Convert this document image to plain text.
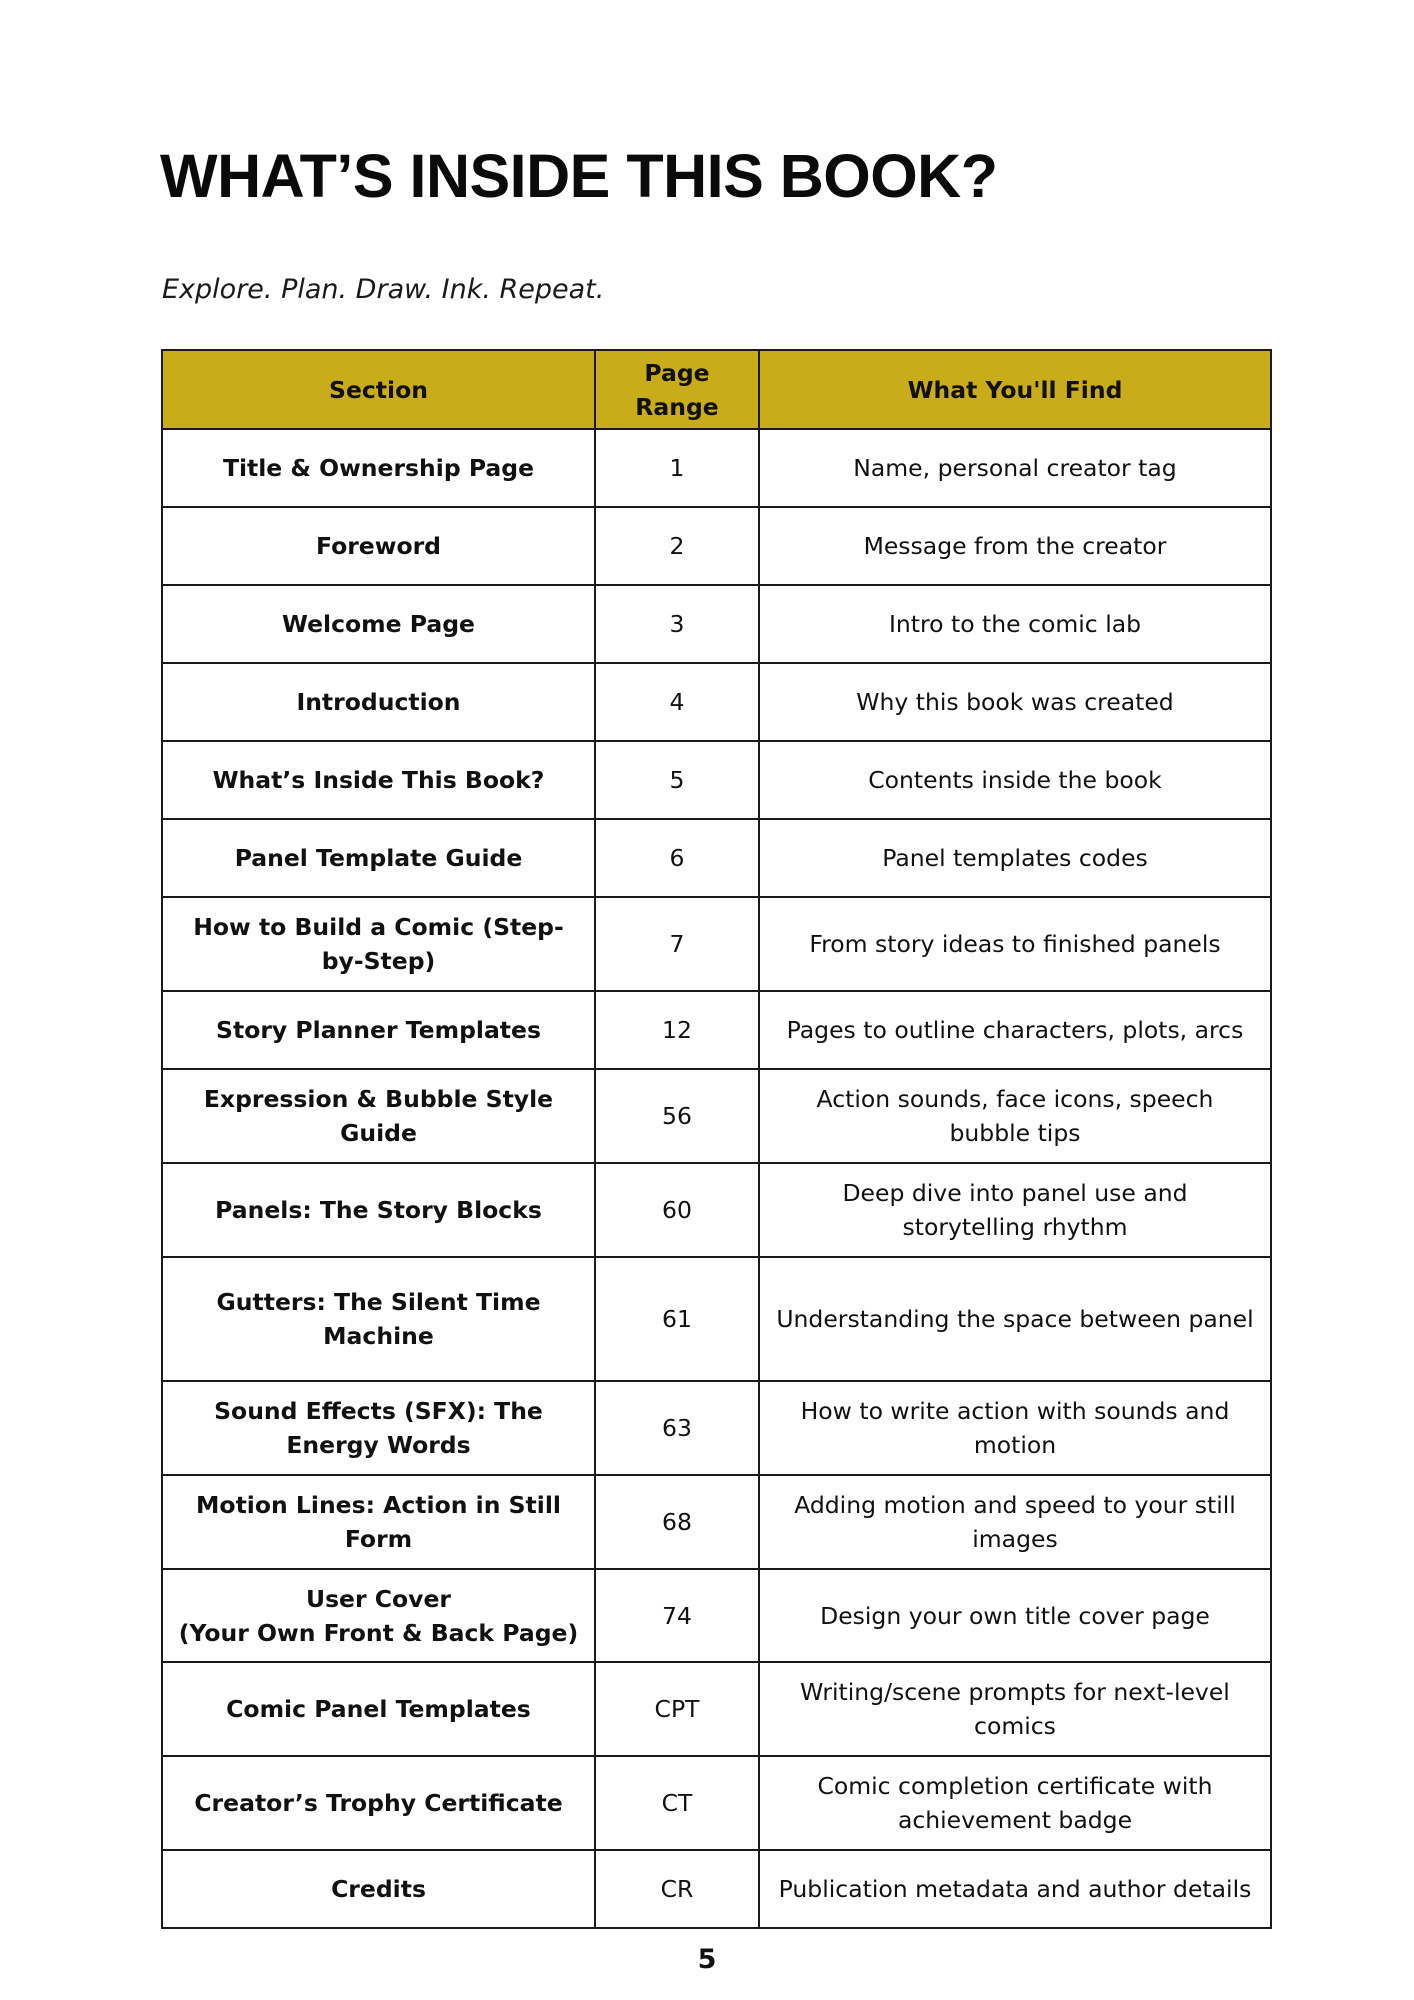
WHAT’S INSIDE THIS BOOK?

Explore. Plan. Draw. Ink. Repeat.

Section	Page Range	What You'll Find
Title & Ownership Page	1	Name, personal creator tag
Foreword	2	Message from the creator
Welcome Page	3	Intro to the comic lab
Introduction	4	Why this book was created
What’s Inside This Book?	5	Contents inside the book
Panel Template Guide	6	Panel templates codes
How to Build a Comic (Step-by-Step)	7	From story ideas to finished panels
Story Planner Templates	12	Pages to outline characters, plots, arcs
Expression & Bubble Style Guide	56	Action sounds, face icons, speech bubble tips
Panels: The Story Blocks	60	Deep dive into panel use and storytelling rhythm
Gutters: The Silent Time Machine	61	Understanding the space between panel
Sound Effects (SFX): The Energy Words	63	How to write action with sounds and motion
Motion Lines: Action in Still Form	68	Adding motion and speed to your still images
User Cover
(Your Own Front & Back Page)	74	Design your own title cover page
Comic Panel Templates	CPT	Writing/scene prompts for next-level comics
Creator’s Trophy Certificate	CT	Comic completion certificate with achievement badge
Credits	CR	Publication metadata and author details

5
